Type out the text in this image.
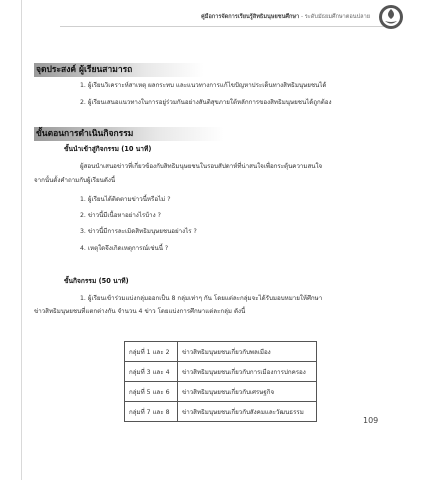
คู่มือการจัดการเรียนรู้สิทธิมนุษยชนศึกษา - ระดับมัธยมศึกษาตอนปลาย
จุดประสงค์ ผู้เรียนสามารถ
1. ผู้เรียนวิเคราะห์สาเหตุ ผลกระทบ และแนวทางการแก้ไขปัญหาประเด็นทางสิทธิมนุษยชนได้
2. ผู้เรียนเสนอแนวทางในการอยู่ร่วมกันอย่างสันติสุขภายใต้หลักการของสิทธิมนุษยชนได้ถูกต้อง
ขั้นตอนการดำเนินกิจกรรม
ขั้นนำเข้าสู่กิจกรรม (10 นาที)
ผู้สอนนำเสนอข่าวที่เกี่ยวข้องกับสิทธิมนุษยชนในรอบสัปดาห์ที่น่าสนใจเพื่อกระตุ้นความสนใจ
จากนั้นตั้งคำถามกับผู้เรียนดังนี้
1. ผู้เรียนได้ติดตามข่าวนี้หรือไม่ ?
2. ข่าวนี้มีเนื้อหาอย่างไรบ้าง ?
3. ข่าวนี้มีการละเมิดสิทธิมนุษยชนอย่างไร ?
4. เหตุใดจึงเกิดเหตุการณ์เช่นนี้ ?
ขั้นกิจกรรม (50 นาที)
1. ผู้เรียนเข้าร่วมแบ่งกลุ่มออกเป็น 8 กลุ่มเท่าๆ กัน โดยแต่ละกลุ่มจะได้รับมอบหมายให้ศึกษา
ข่าวสิทธิมนุษยชนที่แตกต่างกัน จำนวน 4 ข่าว โดยแบ่งการศึกษาแต่ละกลุ่ม ดังนี้
กลุ่มที่ 1 และ 2	ข่าวสิทธิมนุษยชนเกี่ยวกับพลเมือง
กลุ่มที่ 3 และ 4	ข่าวสิทธิมนุษยชนเกี่ยวกับการเมืองการปกครอง
กลุ่มที่ 5 และ 6	ข่าวสิทธิมนุษยชนเกี่ยวกับเศรษฐกิจ
กลุ่มที่ 7 และ 8	ข่าวสิทธิมนุษยชนเกี่ยวกับสังคมและวัฒนธรรม
109
